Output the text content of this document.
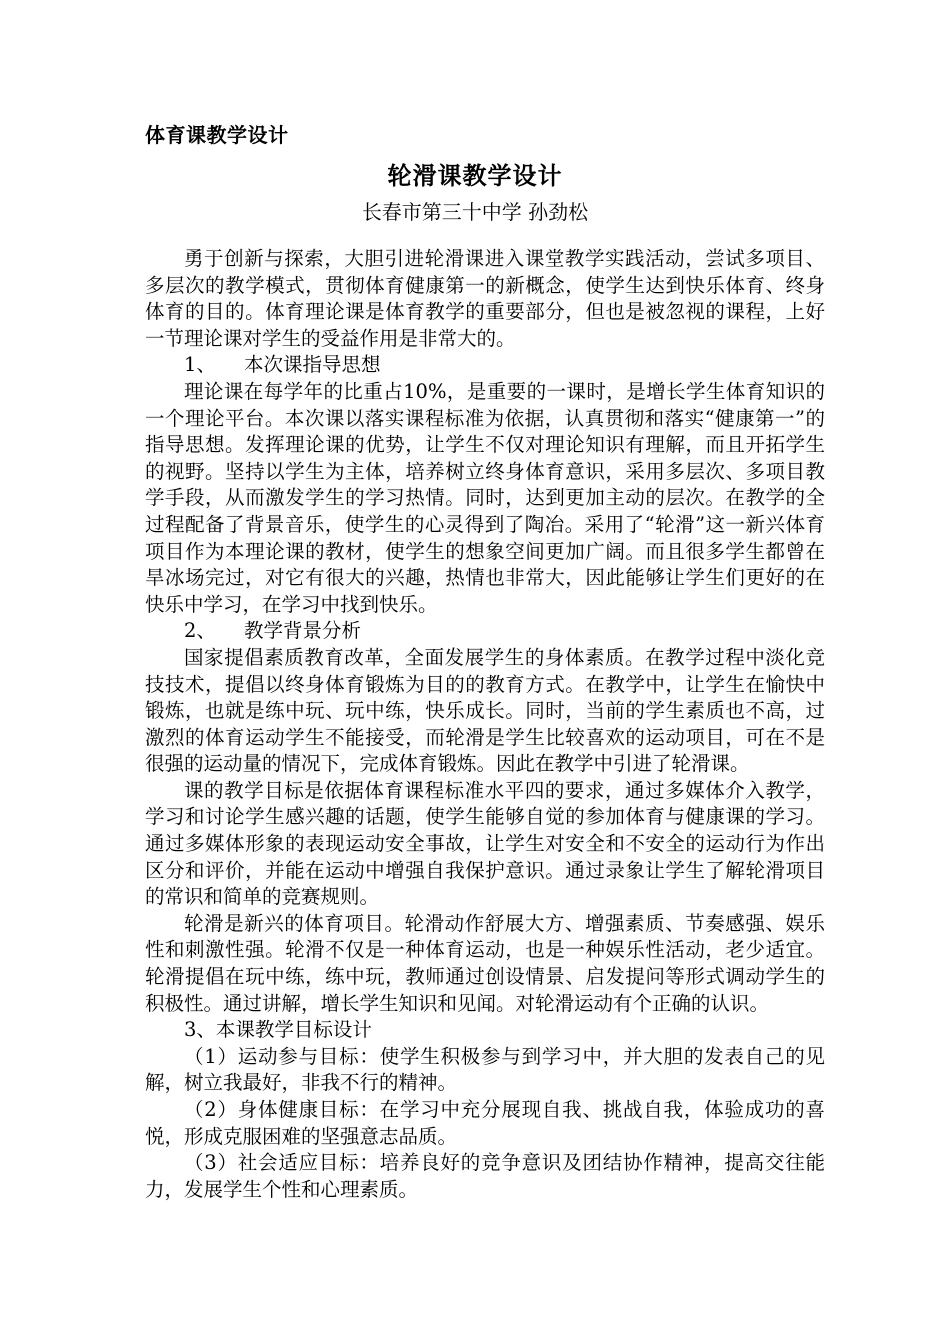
体育课教学设计
轮滑课教学设计
长春市第三十中学 孙劲松

勇于创新与探索，大胆引进轮滑课进入课堂教学实践活动，尝试多项目、多层次的教学模式，贯彻体育健康第一的新概念，使学生达到快乐体育、终身体育的目的。体育理论课是体育教学的重要部分，但也是被忽视的课程，上好一节理论课对学生的受益作用是非常大的。

1、 本次课指导思想

理论课在每学年的比重占10%，是重要的一课时，是增长学生体育知识的一个理论平台。本次课以落实课程标准为依据，认真贯彻和落实“健康第一”的指导思想。发挥理论课的优势，让学生不仅对理论知识有理解，而且开拓学生的视野。坚持以学生为主体，培养树立终身体育意识，采用多层次、多项目教学手段，从而激发学生的学习热情。同时，达到更加主动的层次。在教学的全过程配备了背景音乐，使学生的心灵得到了陶冶。采用了“轮滑”这一新兴体育项目作为本理论课的教材，使学生的想象空间更加广阔。而且很多学生都曾在旱冰场完过，对它有很大的兴趣，热情也非常大，因此能够让学生们更好的在快乐中学习，在学习中找到快乐。

2、 教学背景分析

国家提倡素质教育改革，全面发展学生的身体素质。在教学过程中淡化竞技技术，提倡以终身体育锻炼为目的的教育方式。在教学中，让学生在愉快中锻炼，也就是练中玩、玩中练，快乐成长。同时，当前的学生素质也不高，过激烈的体育运动学生不能接受，而轮滑是学生比较喜欢的运动项目，可在不是很强的运动量的情况下，完成体育锻炼。因此在教学中引进了轮滑课。

课的教学目标是依据体育课程标准水平四的要求，通过多媒体介入教学，学习和讨论学生感兴趣的话题，使学生能够自觉的参加体育与健康课的学习。通过多媒体形象的表现运动安全事故，让学生对安全和不安全的运动行为作出区分和评价，并能在运动中增强自我保护意识。通过录象让学生了解轮滑项目的常识和简单的竞赛规则。

轮滑是新兴的体育项目。轮滑动作舒展大方、增强素质、节奏感强、娱乐性和刺激性强。轮滑不仅是一种体育运动，也是一种娱乐性活动，老少适宜。轮滑提倡在玩中练，练中玩，教师通过创设情景、启发提问等形式调动学生的积极性。通过讲解，增长学生知识和见闻。对轮滑运动有个正确的认识。

3、本课教学目标设计

（1）运动参与目标：使学生积极参与到学习中，并大胆的发表自己的见解，树立我最好，非我不行的精神。

（2）身体健康目标：在学习中充分展现自我、挑战自我，体验成功的喜悦，形成克服困难的坚强意志品质。

（3）社会适应目标：培养良好的竞争意识及团结协作精神，提高交往能力，发展学生个性和心理素质。
